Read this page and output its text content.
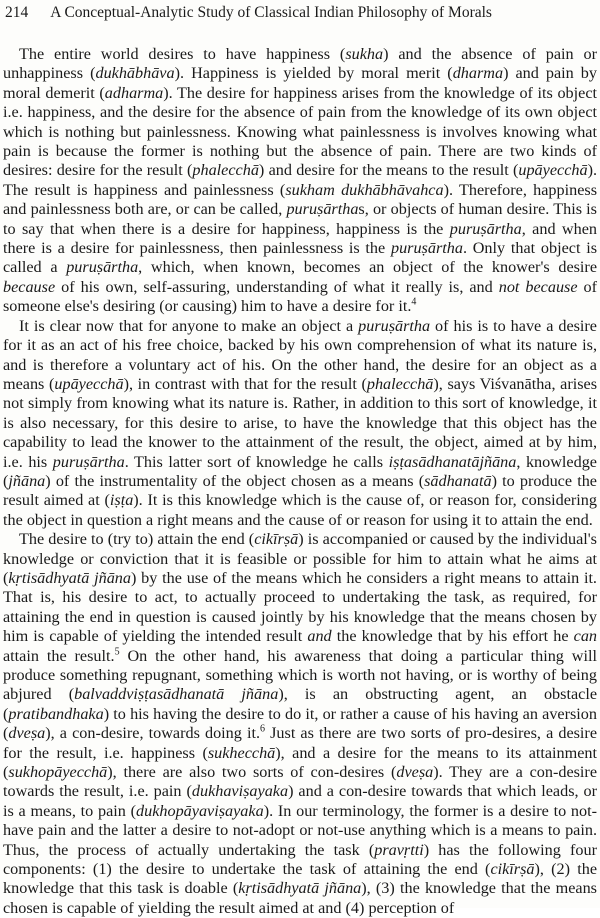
214 A Conceptual-Analytic Study of Classical Indian Philosophy of Morals

The entire world desires to have happiness (sukha) and the absence of pain or unhappiness (dukhābhāva). Happiness is yielded by moral merit (dharma) and pain by moral demerit (adharma). The desire for happiness arises from the knowledge of its object i.e. happiness, and the desire for the absence of pain from the knowledge of its own object which is nothing but painlessness. Knowing what painlessness is involves knowing what pain is because the former is nothing but the absence of pain. There are two kinds of desires: desire for the result (phalecchā) and desire for the means to the result (upāyecchā). The result is happiness and painlessness (sukham dukhābhāvahca). Therefore, happiness and painlessness both are, or can be called, puruṣārthas, or objects of human desire. This is to say that when there is a desire for happiness, happiness is the puruṣārtha, and when there is a desire for painlessness, then painlessness is the puruṣārtha. Only that object is called a puruṣārtha, which, when known, becomes an object of the knower's desire because of his own, self-assuring, understanding of what it really is, and not because of someone else's desiring (or causing) him to have a desire for it.$^4$

It is clear now that for anyone to make an object a puruṣārtha of his is to have a desire for it as an act of his free choice, backed by his own comprehension of what its nature is, and is therefore a voluntary act of his. On the other hand, the desire for an object as a means (upāyecchā), in contrast with that for the result (phalecchā), says Viśvanātha, arises not simply from knowing what its nature is. Rather, in addition to this sort of knowledge, it is also necessary, for this desire to arise, to have the knowledge that this object has the capability to lead the knower to the attainment of the result, the object, aimed at by him, i.e. his puruṣārtha. This latter sort of knowledge he calls iṣṭasādhanatājñāna, knowledge (jñāna) of the instrumentality of the object chosen as a means (sādhanatā) to produce the result aimed at (iṣṭa). It is this knowledge which is the cause of, or reason for, considering the object in question a right means and the cause of or reason for using it to attain the end.

The desire to (try to) attain the end (cikīrṣā) is accompanied or caused by the individual's knowledge or conviction that it is feasible or possible for him to attain what he aims at (kṛtisādhyatā jñāna) by the use of the means which he considers a right means to attain it. That is, his desire to act, to actually proceed to undertaking the task, as required, for attaining the end in question is caused jointly by his knowledge that the means chosen by him is capable of yielding the intended result and the knowledge that by his effort he can attain the result.$^5$ On the other hand, his awareness that doing a particular thing will produce something repugnant, something which is worth not having, or is worthy of being abjured (balvaddviṣṭasādhanatā jñāna), is an obstructing agent, an obstacle (pratibandhaka) to his having the desire to do it, or rather a cause of his having an aversion (dveṣa), a con-desire, towards doing it.$^6$ Just as there are two sorts of pro-desires, a desire for the result, i.e. happiness (sukhecchā), and a desire for the means to its attainment (sukhopāyecchā), there are also two sorts of con-desires (dveṣa). They are a con-desire towards the result, i.e. pain (dukhaviṣayaka) and a con-desire towards that which leads, or is a means, to pain (dukhopāyaviṣayaka). In our terminology, the former is a desire to not-have pain and the latter a desire to not-adopt or not-use anything which is a means to pain. Thus, the process of actually undertaking the task (pravṛtti) has the following four components: (1) the desire to undertake the task of attaining the end (cikīrṣā), (2) the knowledge that this task is doable (kṛtisādhyatā jñāna), (3) the knowledge that the means chosen is capable of yielding the result aimed at and (4) perception of
